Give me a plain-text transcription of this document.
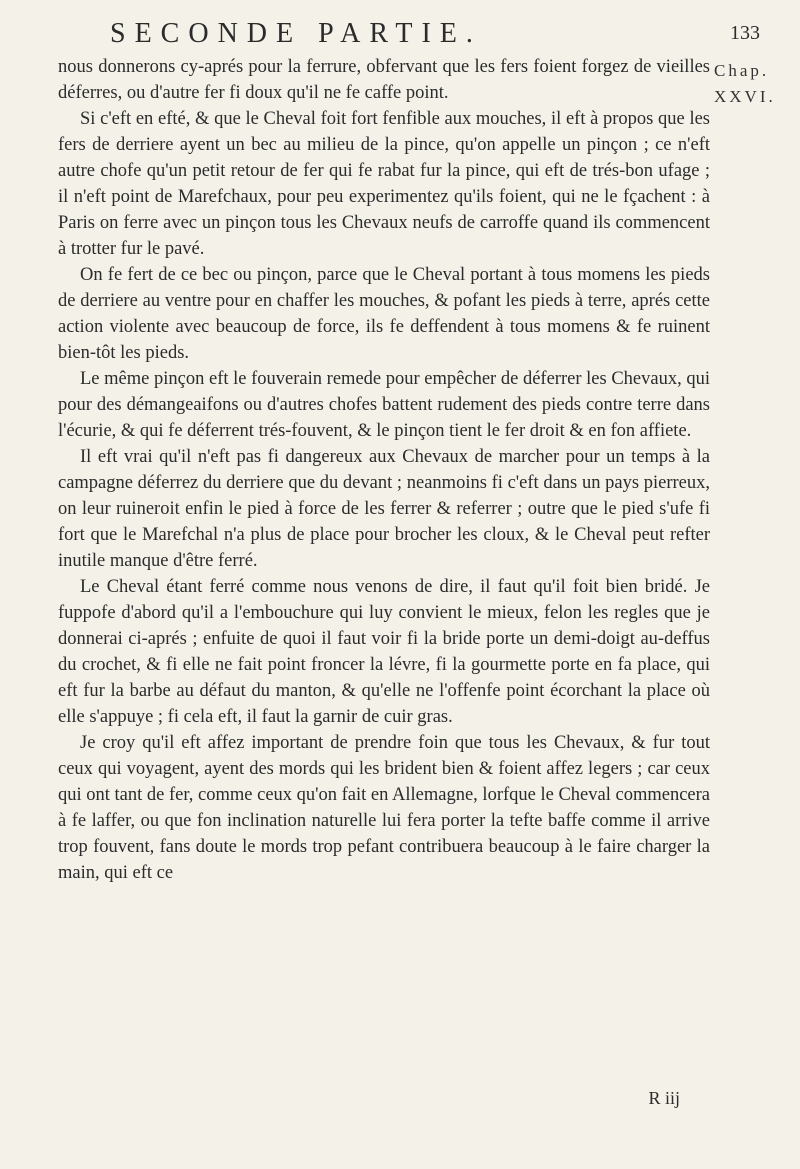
SECONDE PARTIE.	133
Chap.
XXVI.

nous donnerons cy-aprés pour la ferrure, obfervant que les fers foient forgez de vieilles déferres, ou d'autre fer fi doux qu'il ne fe caffe point.

Si c'eft en efté, & que le Cheval foit fort fenfible aux mouches, il eft à propos que les fers de derriere ayent un bec au milieu de la pince, qu'on appelle un pinçon ; ce n'eft autre chofe qu'un petit retour de fer qui fe rabat fur la pince, qui eft de trés-bon ufage ; il n'eft point de Marefchaux, pour peu experimentez qu'ils foient, qui ne le fçachent : à Paris on ferre avec un pinçon tous les Chevaux neufs de carroffe quand ils commencent à trotter fur le pavé.

On fe fert de ce bec ou pinçon, parce que le Cheval portant à tous momens les pieds de derriere au ventre pour en chaffer les mouches, & pofant les pieds à terre, aprés cette action violente avec beaucoup de force, ils fe deffendent à tous momens & fe ruinent bien-tôt les pieds.

Le même pinçon eft le fouverain remede pour empêcher de déferrer les Chevaux, qui pour des démangeaifons ou d'autres chofes battent rudement des pieds contre terre dans l'écurie, & qui fe déferrent trés-fouvent, & le pinçon tient le fer droit & en fon affiete.

Il eft vrai qu'il n'eft pas fi dangereux aux Chevaux de marcher pour un temps à la campagne déferrez du derriere que du devant ; neanmoins fi c'eft dans un pays pierreux, on leur ruineroit enfin le pied à force de les ferrer & referrer ; outre que le pied s'ufe fi fort que le Marefchal n'a plus de place pour brocher les cloux, & le Cheval peut refter inutile manque d'être ferré.

Le Cheval étant ferré comme nous venons de dire, il faut qu'il foit bien bridé. Je fuppofe d'abord qu'il a l'embouchure qui luy convient le mieux, felon les regles que je donnerai ci-aprés ; enfuite de quoi il faut voir fi la bride porte un demi-doigt au-deffus du crochet, & fi elle ne fait point froncer la lévre, fi la gourmette porte en fa place, qui eft fur la barbe au défaut du manton, & qu'elle ne l'offenfe point écorchant la place où elle s'appuye ; fi cela eft, il faut la garnir de cuir gras.

Je croy qu'il eft affez important de prendre foin que tous les Chevaux, & fur tout ceux qui voyagent, ayent des mords qui les brident bien & foient affez legers ; car ceux qui ont tant de fer, comme ceux qu'on fait en Allemagne, lorfque le Cheval commencera à fe laffer, ou que fon inclination naturelle lui fera porter la tefte baffe comme il arrive trop fouvent, fans doute le mords trop pefant contribuera beaucoup à le faire charger la main, qui eft ce

R iij
